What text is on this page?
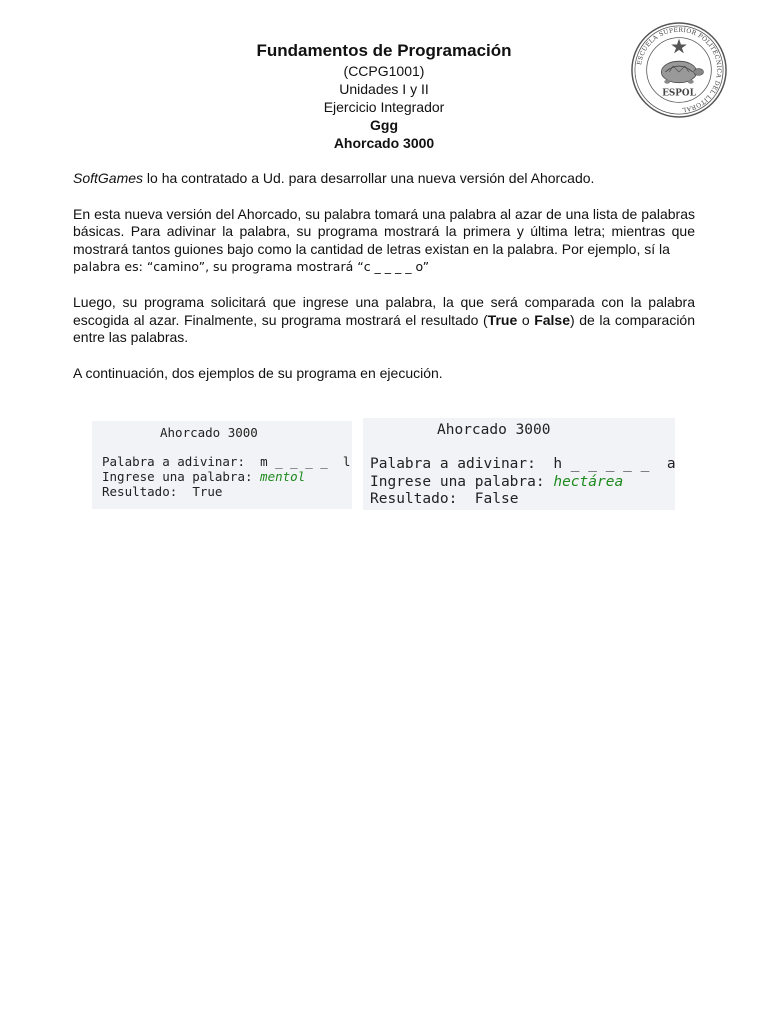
Fundamentos de Programación
(CCPG1001)
Unidades I y II
Ejercicio Integrador
Ggg
Ahorcado 3000
ESCUELA SUPERIOR POLITÉCNICA DEL LITORAL
ESPOL

SoftGames lo ha contratado a Ud. para desarrollar una nueva versión del Ahorcado.

En esta nueva versión del Ahorcado, su palabra tomará una palabra al azar de una lista de palabras básicas. Para adivinar la palabra, su programa mostrará la primera y última letra; mientras que mostrará tantos guiones bajo como la cantidad de letras existan en la palabra. Por ejemplo, sí la
palabra es: “camino”, su programa mostrará “c _ _ _ _ o”

Luego, su programa solicitará que ingrese una palabra, la que será comparada con la palabra escogida al azar. Finalmente, su programa mostrará el resultado (True o False) de la comparación entre las palabras.

A continuación, dos ejemplos de su programa en ejecución.

Ahorcado 3000
Palabra a adivinar: m _ _ _ _  l
Ingrese una palabra: mentol
Resultado: True
Ahorcado 3000
Palabra a adivinar: h _ _ _ _ _  a
Ingrese una palabra: hectárea
Resultado: False
